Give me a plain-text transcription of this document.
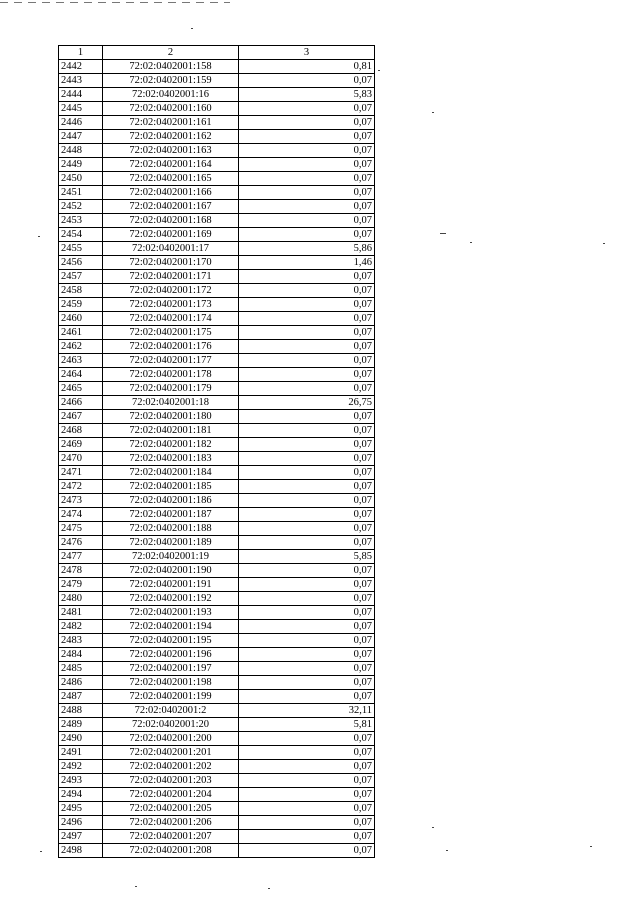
1	2	3
2442	72:02:0402001:158	0,81
2443	72:02:0402001:159	0,07
2444	72:02:0402001:16	5,83
2445	72:02:0402001:160	0,07
2446	72:02:0402001:161	0,07
2447	72:02:0402001:162	0,07
2448	72:02:0402001:163	0,07
2449	72:02:0402001:164	0,07
2450	72:02:0402001:165	0,07
2451	72:02:0402001:166	0,07
2452	72:02:0402001:167	0,07
2453	72:02:0402001:168	0,07
2454	72:02:0402001:169	0,07
2455	72:02:0402001:17	5,86
2456	72:02:0402001:170	1,46
2457	72:02:0402001:171	0,07
2458	72:02:0402001:172	0,07
2459	72:02:0402001:173	0,07
2460	72:02:0402001:174	0,07
2461	72:02:0402001:175	0,07
2462	72:02:0402001:176	0,07
2463	72:02:0402001:177	0,07
2464	72:02:0402001:178	0,07
2465	72:02:0402001:179	0,07
2466	72:02:0402001:18	26,75
2467	72:02:0402001:180	0,07
2468	72:02:0402001:181	0,07
2469	72:02:0402001:182	0,07
2470	72:02:0402001:183	0,07
2471	72:02:0402001:184	0,07
2472	72:02:0402001:185	0,07
2473	72:02:0402001:186	0,07
2474	72:02:0402001:187	0,07
2475	72:02:0402001:188	0,07
2476	72:02:0402001:189	0,07
2477	72:02:0402001:19	5,85
2478	72:02:0402001:190	0,07
2479	72:02:0402001:191	0,07
2480	72:02:0402001:192	0,07
2481	72:02:0402001:193	0,07
2482	72:02:0402001:194	0,07
2483	72:02:0402001:195	0,07
2484	72:02:0402001:196	0,07
2485	72:02:0402001:197	0,07
2486	72:02:0402001:198	0,07
2487	72:02:0402001:199	0,07
2488	72:02:0402001:2	32,11
2489	72:02:0402001:20	5,81
2490	72:02:0402001:200	0,07
2491	72:02:0402001:201	0,07
2492	72:02:0402001:202	0,07
2493	72:02:0402001:203	0,07
2494	72:02:0402001:204	0,07
2495	72:02:0402001:205	0,07
2496	72:02:0402001:206	0,07
2497	72:02:0402001:207	0,07
2498	72:02:0402001:208	0,07
